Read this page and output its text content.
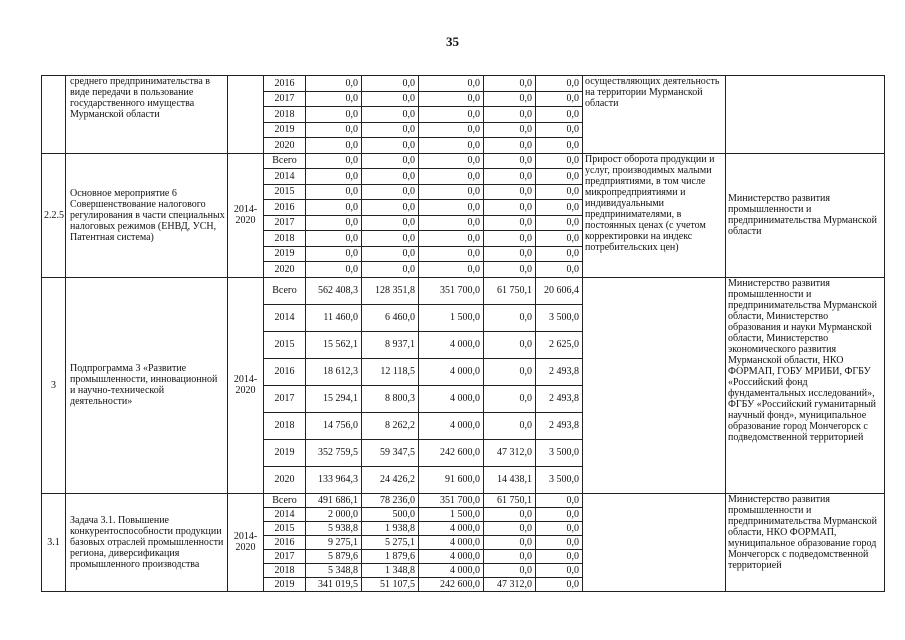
35
	среднего предпринимательства в виде передачи в пользование государственного имущества Мурманской области		2016	0,0	0,0	0,0	0,0	0,0	осуществляющих деятельность на территории Мурманской области	
			2017	0,0	0,0	0,0	0,0	0,0		
			2018	0,0	0,0	0,0	0,0	0,0		
			2019	0,0	0,0	0,0	0,0	0,0		
			2020	0,0	0,0	0,0	0,0	0,0		
2.2.5	Основное мероприятие 6 Совершенствование налогового регулирования в части специальных налоговых режимов (ЕНВД, УСН, Патентная система)	2014-2020	Всего	0,0	0,0	0,0	0,0	0,0	Прирост оборота продукции и услуг, производимых малыми предприятиями, в том числе микропредприятиями и индивидуальными предпринимателями, в постоянных ценах (с учетом корректировки на индекс потребительских цен)	Министерство развития промышленности и предпринимательства Мурманской области
			2014	0,0	0,0	0,0	0,0	0,0		
			2015	0,0	0,0	0,0	0,0	0,0		
			2016	0,0	0,0	0,0	0,0	0,0		
			2017	0,0	0,0	0,0	0,0	0,0		
			2018	0,0	0,0	0,0	0,0	0,0		
			2019	0,0	0,0	0,0	0,0	0,0		
			2020	0,0	0,0	0,0	0,0	0,0		
3	Подпрограмма 3 «Развитие промышленности, инновационной и научно-технической деятельности»	2014-2020	Всего	562 408,3	128 351,8	351 700,0	61 750,1	20 606,4		Министерство развития промышленности и предпринимательства Мурманской области, Министерство образования и науки Мурманской области, Министерство экономического развития Мурманской области, НКО ФОРМАП, ГОБУ МРИБИ, ФГБУ «Российский фонд фундаментальных исследований», ФГБУ «Российский гуманитарный научный фонд», муниципальное образование город Мончегорск с подведомственной территорией
			2014	11 460,0	6 460,0	1 500,0	0,0	3 500,0		
			2015	15 562,1	8 937,1	4 000,0	0,0	2 625,0		
			2016	18 612,3	12 118,5	4 000,0	0,0	2 493,8		
			2017	15 294,1	8 800,3	4 000,0	0,0	2 493,8		
			2018	14 756,0	8 262,2	4 000,0	0,0	2 493,8		
			2019	352 759,5	59 347,5	242 600,0	47 312,0	3 500,0		
			2020	133 964,3	24 426,2	91 600,0	14 438,1	3 500,0		
3.1	Задача 3.1. Повышение конкурентоспособности продукции базовых отраслей промышленности региона, диверсификация промышленного производства	2014-2020	Всего	491 686,1	78 236,0	351 700,0	61 750,1	0,0		Министерство развития промышленности и предпринимательства Мурманской области, НКО ФОРМАП, муниципальное образование город Мончегорск с подведомственной территорией
			2014	2 000,0	500,0	1 500,0	0,0	0,0		
			2015	5 938,8	1 938,8	4 000,0	0,0	0,0		
			2016	9 275,1	5 275,1	4 000,0	0,0	0,0		
			2017	5 879,6	1 879,6	4 000,0	0,0	0,0		
			2018	5 348,8	1 348,8	4 000,0	0,0	0,0		
			2019	341 019,5	51 107,5	242 600,0	47 312,0	0,0		
